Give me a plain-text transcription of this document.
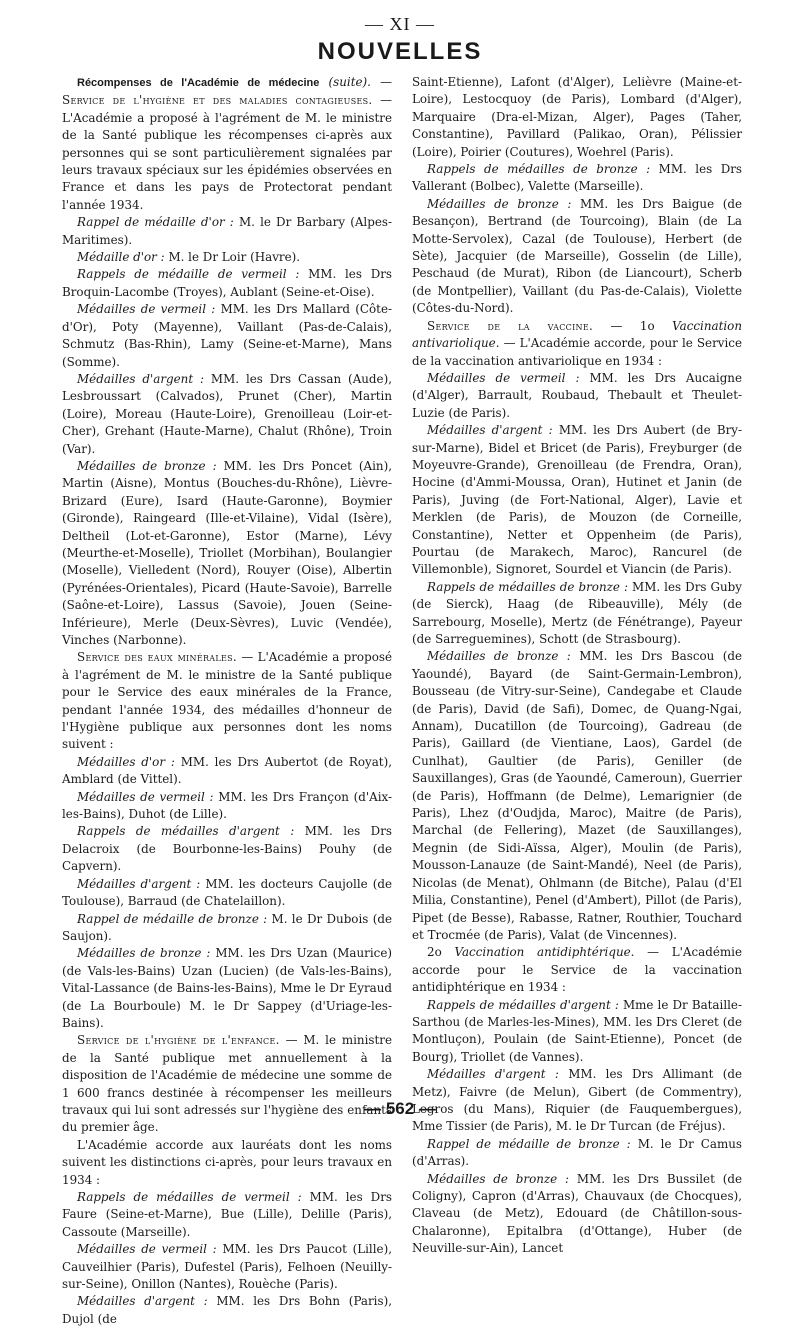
— XI —
NOUVELLES

Récompenses de l'Académie de médecine (suite). — Service de l'hygiène et des maladies contagieuses. — L'Académie a proposé à l'agrément de M. le ministre de la Santé publique les récompenses ci-après aux personnes qui se sont particulièrement signalées par leurs travaux spéciaux sur les épidémies observées en France et dans les pays de Protectorat pendant l'année 1934.

Rappel de médaille d'or : M. le Dr Barbary (Alpes-Maritimes).

Médaille d'or : M. le Dr Loir (Havre).

Rappels de médaille de vermeil : MM. les Drs Broquin-Lacombe (Troyes), Aublant (Seine-et-Oise).

Médailles de vermeil : MM. les Drs Mallard (Côte-d'Or), Poty (Mayenne), Vaillant (Pas-de-Calais), Schmutz (Bas-Rhin), Lamy (Seine-et-Marne), Mans (Somme).

Médailles d'argent : MM. les Drs Cassan (Aude), Lesbroussart (Calvados), Prunet (Cher), Martin (Loire), Moreau (Haute-Loire), Grenoilleau (Loir-et-Cher), Grehant (Haute-Marne), Chalut (Rhône), Troin (Var).

Médailles de bronze : MM. les Drs Poncet (Ain), Martin (Aisne), Montus (Bouches-du-Rhône), Lièvre-Brizard (Eure), Isard (Haute-Garonne), Boymier (Gironde), Raingeard (Ille-et-Vilaine), Vidal (Isère), Deltheil (Lot-et-Garonne), Estor (Marne), Lévy (Meurthe-et-Moselle), Triollet (Morbihan), Boulangier (Moselle), Vielledent (Nord), Rouyer (Oise), Albertin (Pyrénées-Orientales), Picard (Haute-Savoie), Barrelle (Saône-et-Loire), Lassus (Savoie), Jouen (Seine-Inférieure), Merle (Deux-Sèvres), Luvic (Vendée), Vinches (Narbonne).

Service des eaux minérales. — L'Académie a proposé à l'agrément de M. le ministre de la Santé publique pour le Service des eaux minérales de la France, pendant l'année 1934, des médailles d'honneur de l'Hygiène publique aux personnes dont les noms suivent :

Médailles d'or : MM. les Drs Aubertot (de Royat), Amblard (de Vittel).

Médailles de vermeil : MM. les Drs Françon (d'Aix-les-Bains), Duhot (de Lille).

Rappels de médailles d'argent : MM. les Drs Delacroix (de Bourbonne-les-Bains) Pouhy (de Capvern).

Médailles d'argent : MM. les docteurs Caujolle (de Toulouse), Barraud (de Chatelaillon).

Rappel de médaille de bronze : M. le Dr Dubois (de Saujon).

Médailles de bronze : MM. les Drs Uzan (Maurice) (de Vals-les-Bains) Uzan (Lucien) (de Vals-les-Bains), Vital-Lassance (de Bains-les-Bains), Mme le Dr Eyraud (de La Bourboule) M. le Dr Sappey (d'Uriage-les-Bains).

Service de l'hygiène de l'enfance. — M. le ministre de la Santé publique met annuellement à la disposition de l'Académie de médecine une somme de 1 600 francs destinée à récompenser les meilleurs travaux qui lui sont adressés sur l'hygiène des enfants du premier âge.

L'Académie accorde aux lauréats dont les noms suivent les distinctions ci-après, pour leurs travaux en 1934 :

Rappels de médailles de vermeil : MM. les Drs Faure (Seine-et-Marne), Bue (Lille), Delille (Paris), Cassoute (Marseille).

Médailles de vermeil : MM. les Drs Paucot (Lille), Cauveilhier (Paris), Dufestel (Paris), Felhoen (Neuilly-sur-Seine), Onillon (Nantes), Rouèche (Paris).

Médailles d'argent : MM. les Drs Bohn (Paris), Dujol (de

Saint-Etienne), Lafont (d'Alger), Lelièvre (Maine-et-Loire), Lestocquoy (de Paris), Lombard (d'Alger), Marquaire (Dra-el-Mizan, Alger), Pages (Taher, Constantine), Pavillard (Palikao, Oran), Pélissier (Loire), Poirier (Coutures), Woehrel (Paris).

Rappels de médailles de bronze : MM. les Drs Vallerant (Bolbec), Valette (Marseille).

Médailles de bronze : MM. les Drs Baigue (de Besançon), Bertrand (de Tourcoing), Blain (de La Motte-Servolex), Cazal (de Toulouse), Herbert (de Sète), Jacquier (de Marseille), Gosselin (de Lille), Peschaud (de Murat), Ribon (de Liancourt), Scherb (de Montpellier), Vaillant (du Pas-de-Calais), Violette (Côtes-du-Nord).

Service de la vaccine. — 1o Vaccination antivariolique. — L'Académie accorde, pour le Service de la vaccination antivariolique en 1934 :

Médailles de vermeil : MM. les Drs Aucaigne (d'Alger), Barrault, Roubaud, Thebault et Theulet-Luzie (de Paris).

Médailles d'argent : MM. les Drs Aubert (de Bry-sur-Marne), Bidel et Bricet (de Paris), Freyburger (de Moyeuvre-Grande), Grenoilleau (de Frendra, Oran), Hocine (d'Ammi-Moussa, Oran), Hutinet et Janin (de Paris), Juving (de Fort-National, Alger), Lavie et Merklen (de Paris), de Mouzon (de Corneille, Constantine), Netter et Oppenheim (de Paris), Pourtau (de Marakech, Maroc), Rancurel (de Villemonble), Signoret, Sourdel et Viancin (de Paris).

Rappels de médailles de bronze : MM. les Drs Guby (de Sierck), Haag (de Ribeauville), Mély (de Sarrebourg, Moselle), Mertz (de Fénétrange), Payeur (de Sarreguemines), Schott (de Strasbourg).

Médailles de bronze : MM. les Drs Bascou (de Yaoundé), Bayard (de Saint-Germain-Lembron), Bousseau (de Vitry-sur-Seine), Candegabe et Claude (de Paris), David (de Safi), Domec, de Quang-Ngai, Annam), Ducatillon (de Tourcoing), Gadreau (de Paris), Gaillard (de Vientiane, Laos), Gardel (de Cunlhat), Gaultier (de Paris), Geniller (de Sauxillanges), Gras (de Yaoundé, Cameroun), Guerrier (de Paris), Hoffmann (de Delme), Lemarignier (de Paris), Lhez (d'Oudjda, Maroc), Maitre (de Paris), Marchal (de Fellering), Mazet (de Sauxillanges), Megnin (de Sidi-Aïssa, Alger), Moulin (de Paris), Mousson-Lanauze (de Saint-Mandé), Neel (de Paris), Nicolas (de Menat), Ohlmann (de Bitche), Palau (d'El Milia, Constantine), Penel (d'Ambert), Pillot (de Paris), Pipet (de Besse), Rabasse, Ratner, Routhier, Touchard et Trocmée (de Paris), Valat (de Vincennes).

2o Vaccination antidiphtérique. — L'Académie accorde pour le Service de la vaccination antidiphtérique en 1934 :

Rappels de médailles d'argent : Mme le Dr Bataille-Sarthou (de Marles-les-Mines), MM. les Drs Cleret (de Montluçon), Poulain (de Saint-Etienne), Poncet (de Bourg), Triollet (de Vannes).

Médailles d'argent : MM. les Drs Allimant (de Metz), Faivre (de Melun), Gibert (de Commentry), Legros (du Mans), Riquier (de Fauquembergues), Mme Tissier (de Paris), M. le Dr Turcan (de Fréjus).

Rappel de médaille de bronze : M. le Dr Camus (d'Arras).

Médailles de bronze : MM. les Drs Bussilet (de Coligny), Capron (d'Arras), Chauvaux (de Chocques), Claveau (de Metz), Edouard (de Châtillon-sous-Chalaronne), Epitalbra (d'Ottange), Huber (de Neuville-sur-Ain), Lancet

— 562 —
